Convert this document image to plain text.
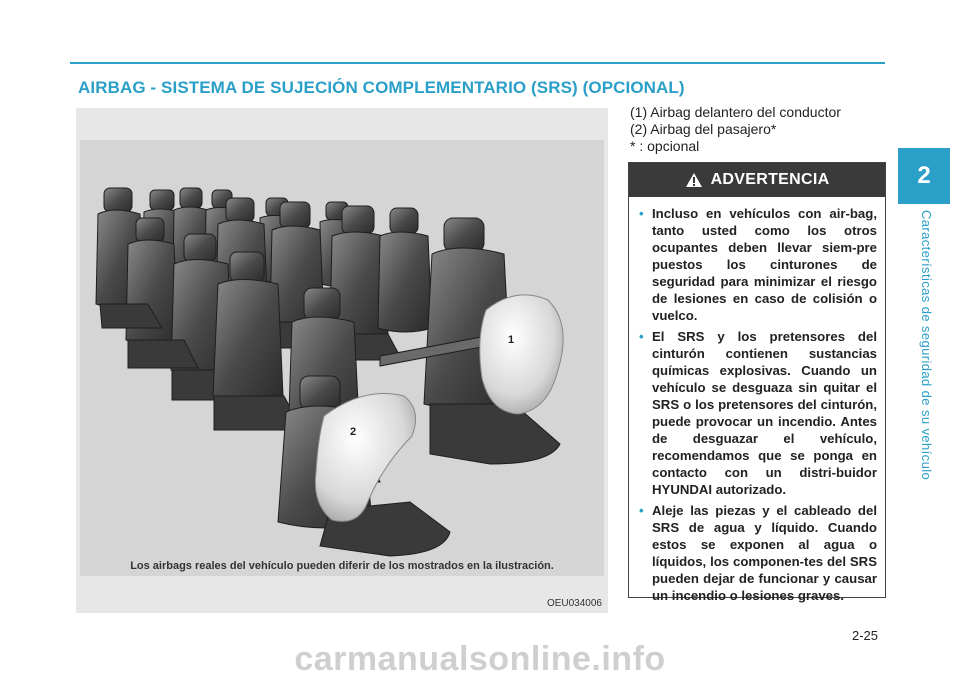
AIRBAG - SISTEMA DE SUJECIÓN COMPLEMENTARIO (SRS) (OPCIONAL)
1
2
Los airbags reales del vehículo pueden diferir de los mostrados en la ilustración.
OEU034006
(1) Airbag delantero del conductor
(2) Airbag del pasajero*
* : opcional
ADVERTENCIA
• Incluso en vehículos con air-bag, tanto usted como los otros ocupantes deben llevar siem-pre puestos los cinturones de seguridad para minimizar el riesgo de lesiones en caso de colisión o vuelco.
• El SRS y los pretensores del cinturón contienen sustancias químicas explosivas. Cuando un vehículo se desguaza sin quitar el SRS o los pretensores del cinturón, puede provocar un incendio. Antes de desguazar el vehículo, recomendamos que se ponga en contacto con un distri-buidor HYUNDAI autorizado.
• Aleje las piezas y el cableado del SRS de agua y líquido. Cuando estos se exponen al agua o líquidos, los componen-tes del SRS pueden dejar de funcionar y causar un incendio o lesiones graves.
2
Características de seguridad de su vehículo
2-25
carmanualsonline.info
